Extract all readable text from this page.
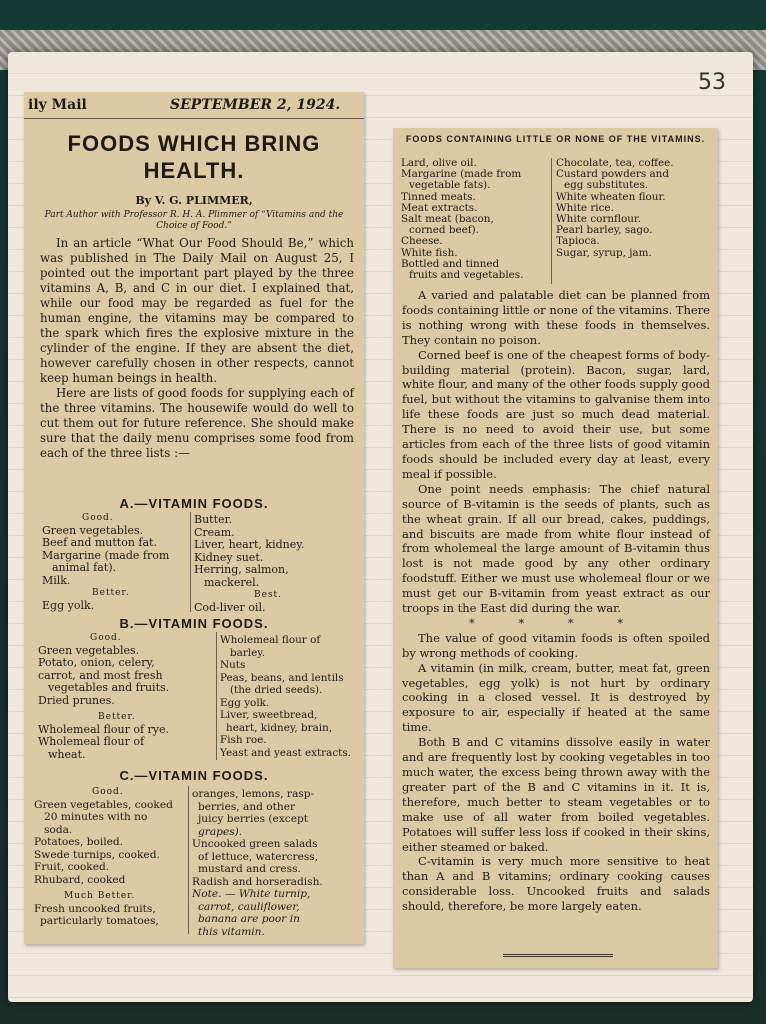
53
ily Mail	SEPTEMBER 2, 1924.
FOODS WHICH BRING HEALTH.
By V. G. PLIMMER,
Part Author with Professor R. H. A. Plimmer of “Vitamins and the Choice of Food.”

In an article “What Our Food Should Be,” which was published in The Daily Mail on August 25, I pointed out the important part played by the three vitamins A, B, and C in our diet. I explained that, while our food may be regarded as fuel for the human engine, the vitamins may be compared to the spark which fires the explosive mixture in the cylinder of the engine. If they are absent the diet, however carefully chosen in other respects, cannot keep human beings in health.

Here are lists of good foods for supplying each of the three vitamins. The housewife would do well to cut them out for future reference. She should make sure that the daily menu comprises some food from each of the three lists :—

A.—VITAMIN FOODS.
Good.
Green vegetables.
Beef and mutton fat.
Margarine (made from
animal fat).
Milk.
Better.
Egg yolk.
Butter.
Cream.
Liver, heart, kidney.
Kidney suet.
Herring, salmon,
mackerel.
Best.
Cod-liver oil.
B.—VITAMIN FOODS.
Good.
Green vegetables.
Potato, onion, celery,
carrot, and most fresh
vegetables and fruits.
Dried prunes.
Better.
Wholemeal flour of rye.
Wholemeal flour of
wheat.
Wholemeal flour of
barley.
Nuts
Peas, beans, and lentils
(the dried seeds).
Egg yolk.
Liver, sweetbread,
heart, kidney, brain,
Fish roe.
Yeast and yeast extracts.
C.—VITAMIN FOODS.
Good.
Green vegetables, cooked
20 minutes with no
soda.
Potatoes, boiled.
Swede turnips, cooked.
Fruit, cooked.
Rhubard, cooked
Much Better.
Fresh uncooked fruits,
particularly tomatoes,
oranges, lemons, rasp-
berries, and other
juicy berries (except
grapes).
Uncooked green salads
of lettuce, watercress,
mustard and cress.
Radish and horseradish.
Note. — White turnip,
carrot, cauliflower,
banana are poor in
this vitamin.
FOODS CONTAINING LITTLE OR NONE OF THE VITAMINS.
Lard, olive oil.
Margarine (made from
vegetable fats).
Tinned meats.
Meat extracts.
Salt meat (bacon,
corned beef).
Cheese.
White fish.
Bottled and tinned
fruits and vegetables.
Chocolate, tea, coffee.
Custard powders and
egg substitutes.
White wheaten flour.
White rice.
White cornflour.
Pearl barley, sago.
Tapioca.
Sugar, syrup, jam.

A varied and palatable diet can be planned from foods containing little or none of the vitamins. There is nothing wrong with these foods in themselves. They contain no poison.

Corned beef is one of the cheapest forms of body-building material (protein). Bacon, sugar, lard, white flour, and many of the other foods supply good fuel, but without the vitamins to galvanise them into life these foods are just so much dead material. There is no need to avoid their use, but some articles from each of the three lists of good vitamin foods should be included every day at least, every meal if possible.

One point needs emphasis: The chief natural source of B-vitamin is the seeds of plants, such as the wheat grain. If all our bread, cakes, puddings, and biscuits are made from white flour instead of from wholemeal the large amount of B-vitamin thus lost is not made good by any other ordinary foodstuff. Either we must use wholemeal flour or we must get our B-vitamin from yeast extract as our troops in the East did during the war.

* * * *

The value of good vitamin foods is often spoiled by wrong methods of cooking.

A vitamin (in milk, cream, butter, meat fat, green vegetables, egg yolk) is not hurt by ordinary cooking in a closed vessel. It is destroyed by exposure to air, especially if heated at the same time.

Both B and C vitamins dissolve easily in water and are frequently lost by cooking vegetables in too much water, the excess being thrown away with the greater part of the B and C vitamins in it. It is, therefore, much better to steam vegetables or to make use of all water from boiled vegetables. Potatoes will suffer less loss if cooked in their skins, either steamed or baked.

C-vitamin is very much more sensitive to heat than A and B vitamins; ordinary cooking causes considerable loss. Uncooked fruits and salads should, therefore, be more largely eaten.
